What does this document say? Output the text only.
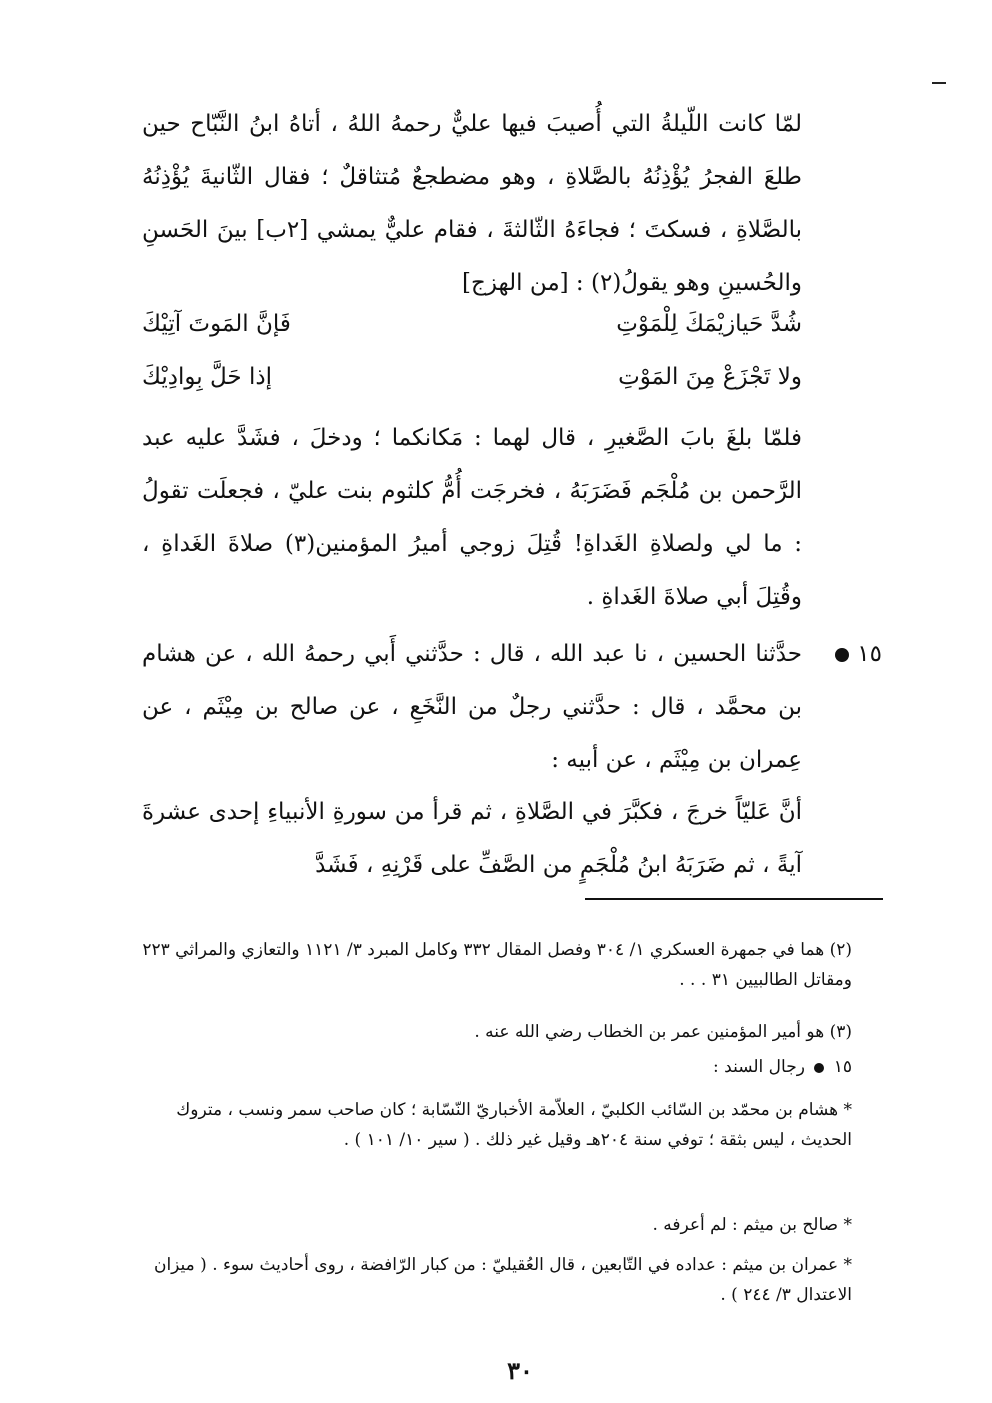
لمّا كانت اللّيلةُ التي أُصيبَ فيها عليٌّ رحمهُ اللهُ ، أتاهُ ابنُ النَّبّاح حين طلعَ الفجرُ يُؤْذِنُهُ بالصَّلاةِ ، وهو مضطجعٌ مُتثاقلٌ ؛ فقال الثّانيةَ يُؤْذِنُهُ بالصَّلاةِ ، فسكتَ ؛ فجاءَهُ الثّالثةَ ، فقام عليٌّ يمشي [٢ب] بينَ الحَسنِ والحُسينِ وهو يقولُ(٢) : [من الهزج]
شُدَّ حَيازيْمَكَ لِلْمَوْتِ
فَإنَّ المَوتَ آتِيْكَ
ولا تَجْزَعْ مِنَ المَوْتِ
إذا حَلَّ بِوادِيْكَ
فلمّا بلغَ بابَ الصَّغيرِ ، قال لهما : مَكانكما ؛ ودخلَ ، فشَدَّ عليه عبد الرَّحمن بن مُلْجَم فَضَرَبَهُ ، فخرجَت أُمُّ كلثوم بنت عليّ ، فجعلَت تقولُ : ما لي ولصلاةِ الغَداةِ! قُتِلَ زوجي أميرُ المؤمنين(٣) صلاةَ الغَداةِ ، وقُتِلَ أبي صلاةَ الغَداةِ .
١٥
حدَّثنا الحسين ، نا عبد الله ، قال : حدَّثني أَبي رحمهُ الله ، عن هشام بن محمَّد ، قال : حدَّثني رجلٌ من النَّخَعِ ، عن صالح بن مِيْثَم ، عن عِمران بن مِيْثَم ، عن أبيه :
أنَّ عَليّاً خرجَ ، فكبَّرَ في الصَّلاةِ ، ثم قرأ من سورةِ الأنبياءِ إحدى عشرةَ آيةً ، ثم ضَرَبَهُ ابنُ مُلْجَمٍ من الصَّفِّ على قَرْنِهِ ، فَشَدَّ
(٢) هما في جمهرة العسكري ١/ ٣٠٤ وفصل المقال ٣٣٢ وكامل المبرد ٣/ ١١٢١ والتعازي والمراثي ٢٢٣ ومقاتل الطالبيين ٣١ . . .
(٣) هو أمير المؤمنين عمر بن الخطاب رضي الله عنه .
١٥  رجال السند :
* هشام بن محمّد بن السّائب الكلبيّ ، العلاّمة الأخباريّ النّسّابة ؛ كان صاحب سمر ونسب ، متروك الحديث ، ليس بثقة ؛ توفي سنة ٢٠٤هـ وقيل غير ذلك . ( سير ١٠/ ١٠١ ) .
* صالح بن ميثم : لم أعرفه .
* عمران بن ميثم : عداده في التّابعين ، قال العُقيليّ : من كبار الرّافضة ، روى أحاديث سوء . ( ميزان الاعتدال ٣/ ٢٤٤ ) .
٣٠
